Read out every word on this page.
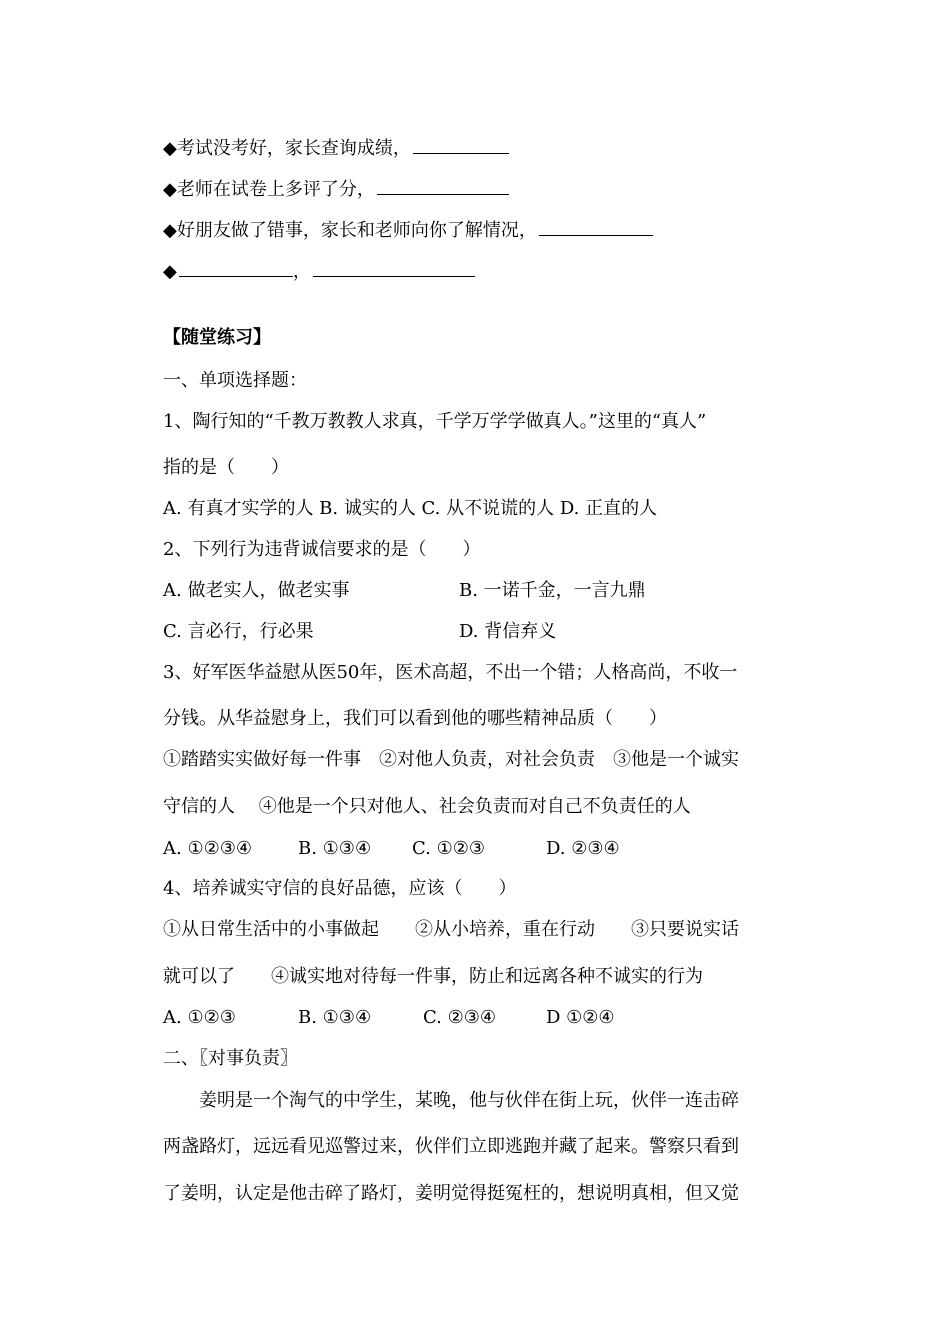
◆考试没考好，家长查询成绩，
◆老师在试卷上多评了分，
◆好朋友做了错事，家长和老师向你了解情况，
◆	，
【随堂练习】
一、单项选择题：
1、陶行知的“千教万教教人求真，千学万学学做真人。”这里的“真人”
指的是（　　）
A. 有真才实学的人 B. 诚实的人 C. 从不说谎的人 D. 正直的人
2、下列行为违背诚信要求的是（　　）
A. 做老实人，做老实事	B. 一诺千金，一言九鼎
C. 言必行，行必果	D. 背信弃义
3、好军医华益慰从医50年，医术高超，不出一个错；人格高尚，不收一
分钱。从华益慰身上，我们可以看到他的哪些精神品质（　　）
①踏踏实实做好每一件事　②对他人负责，对社会负责　③他是一个诚实
守信的人　 ④他是一个只对他人、社会负责而对自己不负责任的人
A. ①②③④	B. ①③④ C. ①②③	D. ②③④
4、培养诚实守信的良好品德，应该（　　）
①从日常生活中的小事做起　　②从小培养，重在行动　　③只要说实话
就可以了　　④诚实地对待每一件事，防止和远离各种不诚实的行为
A. ①②③	B. ①③④	C. ②③④	D ①②④
二、〖对事负责〗
姜明是一个淘气的中学生，某晚，他与伙伴在街上玩，伙伴一连击碎
两盏路灯，远远看见巡警过来，伙伴们立即逃跑并藏了起来。警察只看到
了姜明，认定是他击碎了路灯，姜明觉得挺冤枉的，想说明真相，但又觉
